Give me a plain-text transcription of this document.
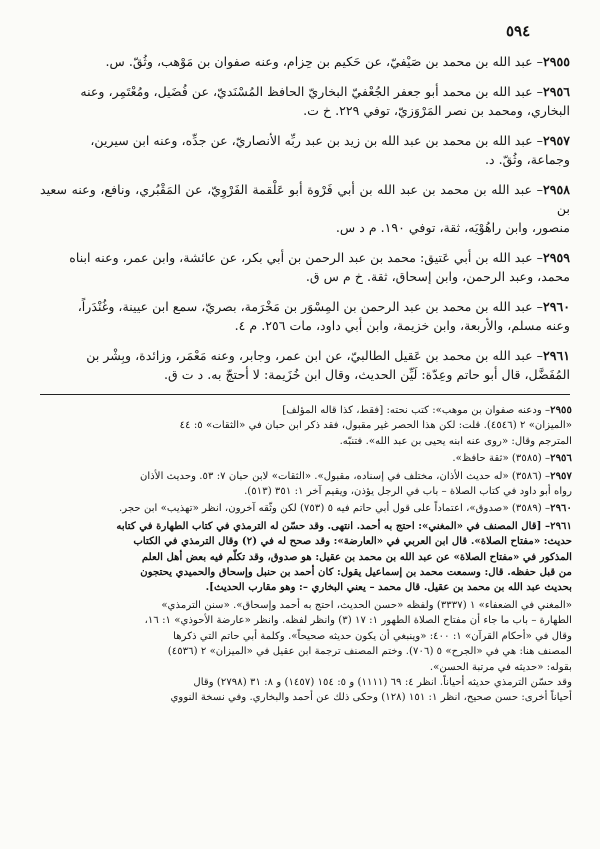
٥٩٤

٢٩٥٥– عبد الله بن محمد بن صَيْفيّ، عن حَكيم بن حِزام، وعنه صفوان بن مَوْهب، وثُقّ. س.

٢٩٥٦– عبد الله بن محمد أبو جعفر الجُعْفيّ البخاريّ الحافظ المُسْنَديّ، عن فُضَيل، ومُعْتَمِر، وعنه

البخاري، ومحمد بن نصر المَرْوَزيّ، توفي ٢٢٩. خ ت.

٢٩٥٧– عبد الله بن محمد بن عبد الله بن زيد بن عبد ربِّه الأنصاريّ، عن جدِّه، وعنه ابن سيرين،

وجماعة، وثُقّ. د.

٢٩٥٨– عبد الله بن محمد بن عبد الله بن أبي فَرْوة أبو عَلْقمة الفَرْوِيّ، عن المَقْبُري، ونافع، وعنه سعيد بن

منصور، وابن راهُوْيَه، ثقة، توفي ١٩٠. م د س.

٢٩٥٩– عبد الله بن أبي عَتيق: محمد بن عبد الرحمن بن أبي بكر، عن عائشة، وابن عمر، وعنه ابناه

محمد، وعبد الرحمن، وابن إسحاق، ثقة. خ م س ق.

٢٩٦٠– عبد الله بن محمد بن عبد الرحمن بن المِسْوَر بن مَخْرَمة، بصريّ، سمع ابن عيينة، وغُنْدَراً،

وعنه مسلم، والأربعة، وابن خزيمة، وابن أبي داود، مات ٢٥٦. م ٤.

٢٩٦١– عبد الله بن محمد بن عَقيل الطالبيّ، عن ابن عمر، وجابر، وعنه مَعْمَر، وزائدة، وبِشْر بن

المُفَضَّل، قال أبو حاتم وعِدّة: لَيِّن الحديث، وقال ابن خُزَيمة: لا أحتجّ به. د ت ق.

٢٩٥٥– ودعنه صفوان بن موهب»: كتب نحته: [فقط، كذا قاله المؤلف]

«الميزان» ٢ (٤٥٤٦). قلت: لكن هذا الحصر غير مقبول، فقد ذكر ابن حبان في «الثقات» ٥: ٤٤

المترجم وقال: «روى عنه ابنه يحيى بن عبد الله». فتنبّه.

٢٩٥٦– (٣٥٨٥) «ثقة حافظ».

٢٩٥٧– (٣٥٨٦) «له حديث الأذان، مختلف في إسناده، مقبول». «الثقات» لابن حبان ٧: ٥٣. وحديث الأذان

رواه أبو داود في كتاب الصلاة – باب في الرجل يؤذن، ويقيم آخر ١: ٣٥١ (٥١٣).

٢٩٦٠– (٣٥٨٩) «صدوق»، اعتماداً على قول أبي حاتم فيه ٥ (٧٥٣) لكن وثّقه آخرون، انظر «تهذيب» ابن حجر.

٢٩٦١– [قال المصنف في «المغني»: احتج به أحمد. انتهى. وقد حسّن له الترمذي في كتاب الطهارة في كتابه

حديث: «مفتاح الصلاة». قال ابن العربي في «العارضة»: وقد صحح له في (٢) وقال الترمذي في الكتاب

المذكور في «مفتاح الصلاة» عن عبد الله بن محمد بن عقيل: هو صدوق، وقد تكلّم فيه بعض أهل العلم

من قبل حفظه. قال: وسمعت محمد بن إسماعيل يقول: كان أحمد بن حنبل وإسحاق والحميدي يحتجون

بحديث عبد الله بن محمد بن عقيل. قال محمد – يعني البخاري –: وهو مقارب الحديث].

«المغني في الضعفاء» ١ (٣٣٣٧) ولفظه «حسن الحديث، احتج به أحمد وإسحاق». «سنن الترمذي»

الطهارة – باب ما جاء أن مفتاح الصلاة الطهور ١: ١٧ (٣) وانظر لفظه. وانظر «عارضة الأحوذي» ١: ١٦،

وقال في «أحكام القرآن» ١: ٤٠٠: «وينبغي أن يكون حديثه صحيحاً». وكلمة أبي حاتم التي ذكرها

المصنف هنا: هي في «الجرح» ٥ (٧٠٦). وختم المصنف ترجمة ابن عقيل في «الميزان» ٢ (٤٥٣٦)

بقوله: «حديثه في مرتبة الحسن».

وقد حسّن الترمذي حديثه أحياناً. انظر ٤: ٦٩ (١١١١) و ٥: ١٥٤ (١٤٥٧) و ٨: ٣١ (٢٧٩٨) وقال

أحياناً أخرى: حسن صحيح، انظر ١: ١٥١ (١٢٨) وحكى ذلك عن أحمد والبخاري. وفي نسخة النووي
